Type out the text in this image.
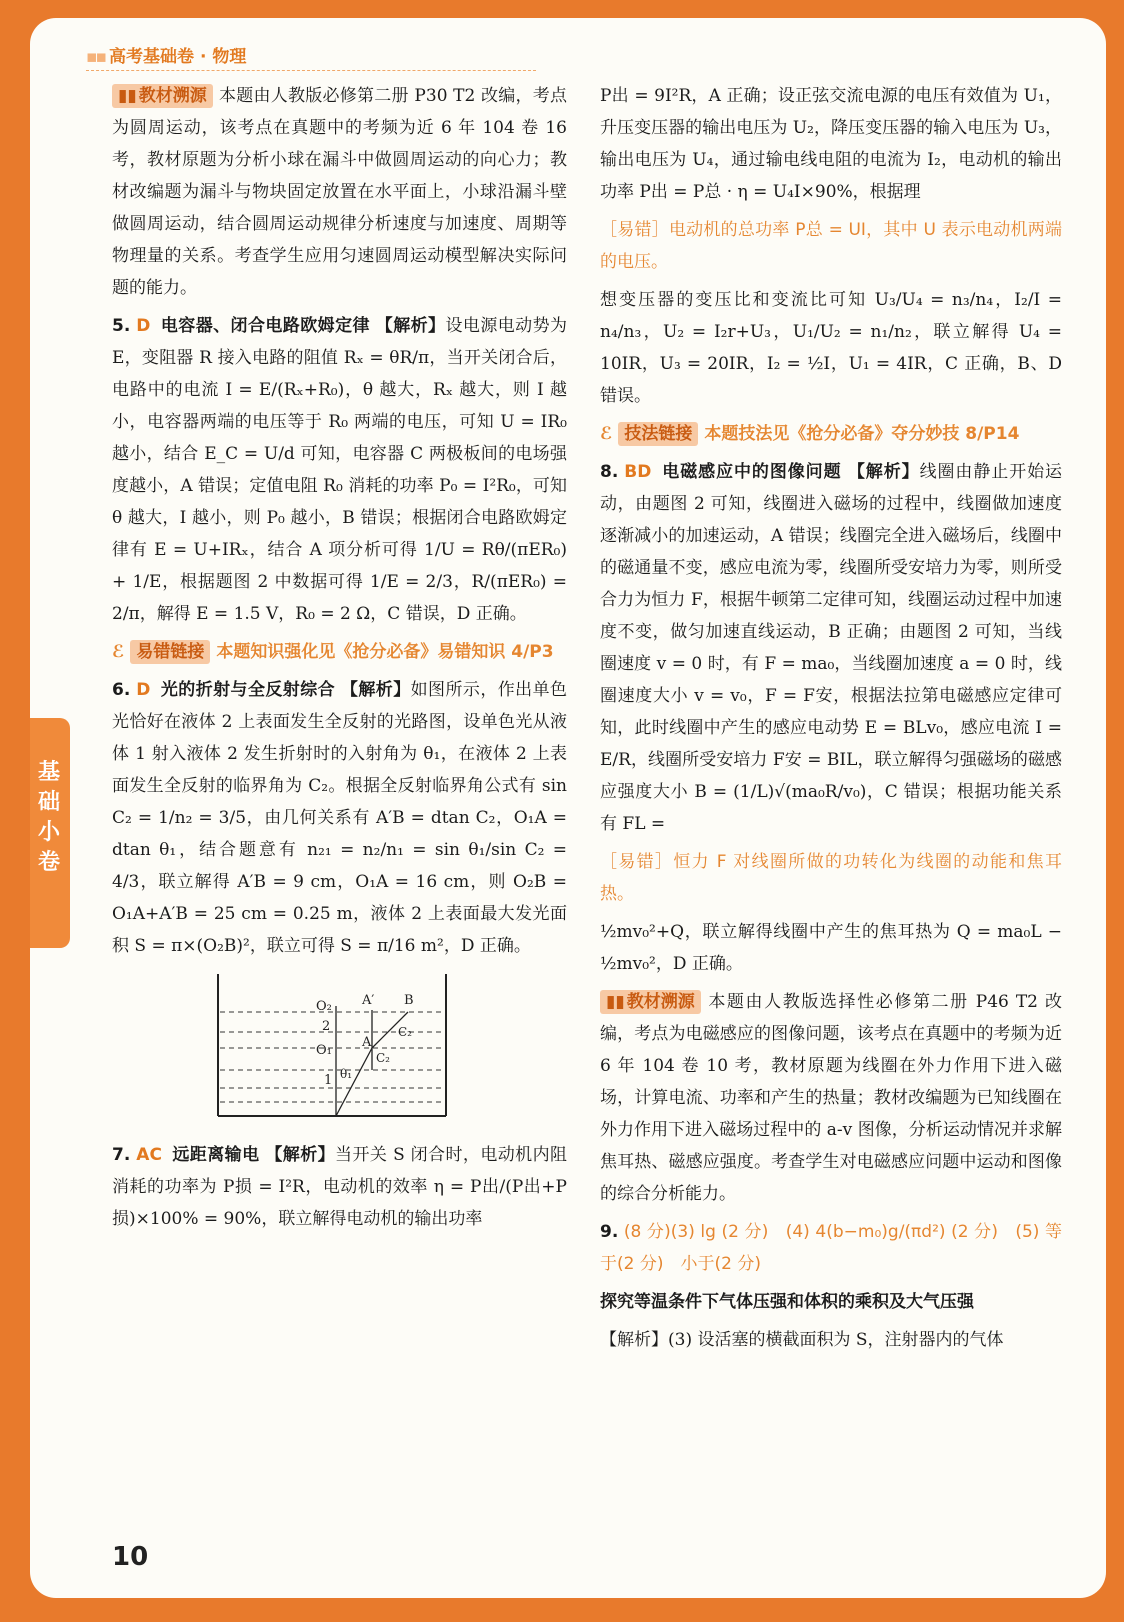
▪▪ 高考基础卷 · 物理
基础小卷

▮▮ 教材溯源 本题由人教版必修第二册 P30 T2 改编，考点为圆周运动，该考点在真题中的考频为近 6 年 104 卷 16 考，教材原题为分析小球在漏斗中做圆周运动的向心力；教材改编题为漏斗与物块固定放置在水平面上，小球沿漏斗壁做圆周运动，结合圆周运动规律分析速度与加速度、周期等物理量的关系。考查学生应用匀速圆周运动模型解决实际问题的能力。

5. D 电容器、闭合电路欧姆定律 【解析】设电源电动势为 E，变阻器 R 接入电路的阻值 Rₓ = θR/π，当开关闭合后，电路中的电流 I = E/(Rₓ+R₀)，θ 越大，Rₓ 越大，则 I 越小，电容器两端的电压等于 R₀ 两端的电压，可知 U = IR₀ 越小，结合 E_C = U/d 可知，电容器 C 两极板间的电场强度越小，A 错误；定值电阻 R₀ 消耗的功率 P₀ = I²R₀，可知 θ 越大，I 越小，则 P₀ 越小，B 错误；根据闭合电路欧姆定律有 E = U+IRₓ，结合 A 项分析可得 1/U = Rθ/(πER₀) + 1/E，根据题图 2 中数据可得 1/E = 2/3，R/(πER₀) = 2/π，解得 E = 1.5 V，R₀ = 2 Ω，C 错误，D 正确。

ℰ 易错链接 本题知识强化见《抢分必备》易错知识 4/P3

6. D 光的折射与全反射综合 【解析】如图所示，作出单色光恰好在液体 2 上表面发生全反射的光路图，设单色光从液体 1 射入液体 2 发生折射时的入射角为 θ₁，在液体 2 上表面发生全反射的临界角为 C₂。根据全反射临界角公式有 sin C₂ = 1/n₂ = 3/5，由几何关系有 A′B = dtan C₂，O₁A = dtan θ₁，结合题意有 n₂₁ = n₂/n₁ = sin θ₁/sin C₂ = 4/3，联立解得 A′B = 9 cm，O₁A = 16 cm，则 O₂B = O₁A+A′B = 25 cm = 0.25 m，液体 2 上表面最大发光面积 S = π×(O₂B)²，联立可得 S = π/16 m²，D 正确。

O₂ A′ B
2	C₂
O₁
A
C₂
1 θ₁

7. AC 远距离输电 【解析】当开关 S 闭合时，电动机内阻消耗的功率为 P损 = I²R，电动机的效率 η = P出/(P出+P损)×100% = 90%，联立解得电动机的输出功率

P出 = 9I²R，A 正确；设正弦交流电源的电压有效值为 U₁，升压变压器的输出电压为 U₂，降压变压器的输入电压为 U₃，输出电压为 U₄，通过输电线电阻的电流为 I₂，电动机的输出功率 P出 = P总 · η = U₄I×90%，根据理

［易错］电动机的总功率 P总 = UI，其中 U 表示电动机两端的电压。

想变压器的变压比和变流比可知 U₃/U₄ = n₃/n₄，I₂/I = n₄/n₃，U₂ = I₂r+U₃，U₁/U₂ = n₁/n₂，联立解得 U₄ = 10IR，U₃ = 20IR，I₂ = ½I，U₁ = 4IR，C 正确，B、D 错误。

ℰ 技法链接 本题技法见《抢分必备》夺分妙技 8/P14

8. BD 电磁感应中的图像问题 【解析】线圈由静止开始运动，由题图 2 可知，线圈进入磁场的过程中，线圈做加速度逐渐减小的加速运动，A 错误；线圈完全进入磁场后，线圈中的磁通量不变，感应电流为零，线圈所受安培力为零，则所受合力为恒力 F，根据牛顿第二定律可知，线圈运动过程中加速度不变，做匀加速直线运动，B 正确；由题图 2 可知，当线圈速度 v = 0 时，有 F = ma₀，当线圈加速度 a = 0 时，线圈速度大小 v = v₀，F = F安，根据法拉第电磁感应定律可知，此时线圈中产生的感应电动势 E = BLv₀，感应电流 I = E/R，线圈所受安培力 F安 = BIL，联立解得匀强磁场的磁感应强度大小 B = (1/L)√(ma₀R/v₀)，C 错误；根据功能关系有 FL =

［易错］恒力 F 对线圈所做的功转化为线圈的动能和焦耳热。

½mv₀²+Q，联立解得线圈中产生的焦耳热为 Q = ma₀L − ½mv₀²，D 正确。

▮▮ 教材溯源 本题由人教版选择性必修第二册 P46 T2 改编，考点为电磁感应的图像问题，该考点在真题中的考频为近 6 年 104 卷 10 考，教材原题为线圈在外力作用下进入磁场，计算电流、功率和产生的热量；教材改编题为已知线圈在外力作用下进入磁场过程中的 a-v 图像，分析运动情况并求解焦耳热、磁感应强度。考查学生对电磁感应问题中运动和图像的综合分析能力。

9. (8 分)(3) lg (2 分)　(4) 4(b−m₀)g/(πd²) (2 分)　(5) 等于(2 分)　小于(2 分)

探究等温条件下气体压强和体积的乘积及大气压强

【解析】(3) 设活塞的横截面积为 S，注射器内的气体

10
